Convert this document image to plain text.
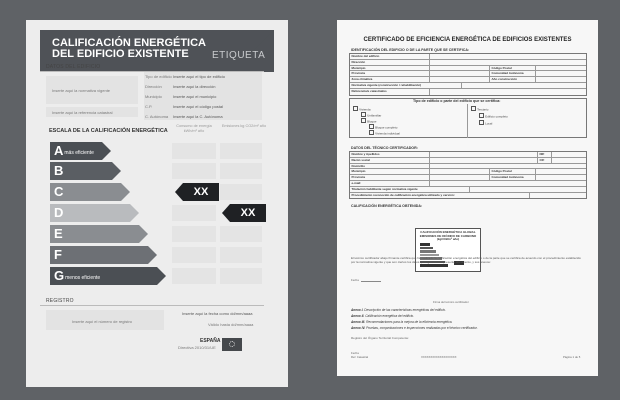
CALIFICACIÓN ENERGÉTICA
DEL EDIFICIO EXISTENTE	ETIQUETA
DATOS DEL EDIFICIO
Inserte aquí la normativa vigente
Inserte aquí la referencia catastral
Tipo de edificio Inserte aquí el tipo de edificio
Dirección	Inserte aquí la dirección
Municipio	Inserte aquí el municipio
C.P.	Inserte aquí el código postal
C. Autónoma Inserte aquí la C. Autónoma
ESCALA DE LA CALIFICACIÓN ENERGÉTICA
Consumo de energía kWh/m² año
Emisiones kg CO2/m² año
$A^{más eficiente}$
B
C
D
E
F
$G^{menos eficiente}$
XX
XX
REGISTRO
Inserte aquí el número de registro
Inserte aquí la fecha como dd/mm/aaaa
Válido hasta dd/mm/aaaa
ESPAÑA
Directiva 2010/31/UE
CERTIFICADO DE EFICIENCIA ENERGÉTICA DE EDIFICIOS EXISTENTES
IDENTIFICACIÓN DEL EDIFICIO O DE LA PARTE QUE SE CERTIFICA:
Nombre del edificio
Dirección
Municipio	Código Postal
Provincia	Comunidad Autónoma
Zona climática	Año construcción
Normativa vigente (construcción / rehabilitación)
Referencia/s catastral/es
Tipo de edificio o parte del edificio que se certifica:
Vivienda
Unifamiliar
Bloque
Bloque completo
Vivienda individual
Terciario
Edificio completo
Local
DATOS DEL TÉCNICO CERTIFICADOR:
Nombre y Apellidos	NIF
Razón social	CIF
Domicilio
Municipio	Código Postal
Provincia	Comunidad Autónoma
e-mail:
Titulación habilitante según normativa vigente
Procedimiento reconocido de calificación energética utilizado y versión:
CALIFICACIÓN ENERGÉTICA OBTENIDA:
CALIFICACIÓN ENERGÉTICA GLOBAL EMISIONES DE DIÓXIDO DE CARBONO (kgCO2/m² año)
El técnico certificador abajo firmante certifica que ha realizado la calificación energética del edificio o de la parte que se certifica de acuerdo con el procedimiento establecido por la normativa vigente y que son ciertos los datos que figuran en el presente documento, y sus anexos:
Fecha
Firma del técnico certificador
Anexo I. Descripción de las características energéticas del edificio.
Anexo II. Calificación energética del edificio.
Anexo III. Recomendaciones para la mejora de la eficiencia energética.
Anexo IV. Pruebas, comprobaciones e inspecciones realizadas por el técnico certificador.
Registro del Órgano Territorial Competente:
Fecha
Ref. Catastral	XXXXXXXXXXXXXXXXXXX	Página 1 de 5
